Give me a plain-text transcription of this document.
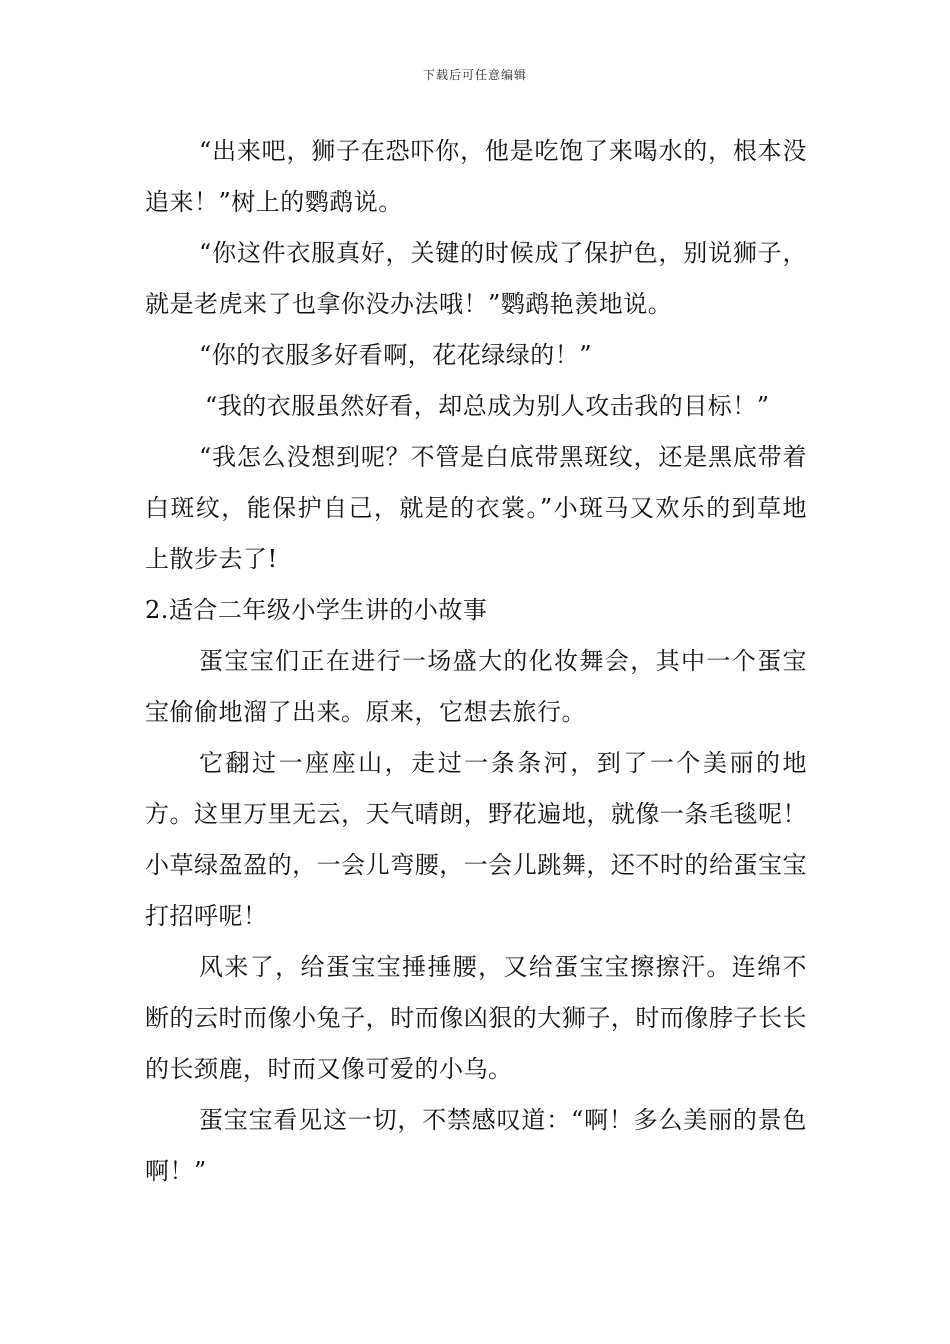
下载后可任意编辑

“出来吧，狮子在恐吓你，他是吃饱了来喝水的，根本没追来！”树上的鹦鹉说。

“你这件衣服真好，关键的时候成了保护色，别说狮子，就是老虎来了也拿你没办法哦！”鹦鹉艳羡地说。

“你的衣服多好看啊，花花绿绿的！”

“我的衣服虽然好看，却总成为别人攻击我的目标！”

“我怎么没想到呢？不管是白底带黑斑纹，还是黑底带着白斑纹，能保护自己，就是的衣裳。”小斑马又欢乐的到草地上散步去了!

2.适合二年级小学生讲的小故事

蛋宝宝们正在进行一场盛大的化妆舞会，其中一个蛋宝宝偷偷地溜了出来。原来，它想去旅行。

它翻过一座座山，走过一条条河，到了一个美丽的地方。这里万里无云，天气晴朗，野花遍地，就像一条毛毯呢！小草绿盈盈的，一会儿弯腰，一会儿跳舞，还不时的给蛋宝宝打招呼呢！

风来了，给蛋宝宝捶捶腰，又给蛋宝宝擦擦汗。连绵不断的云时而像小兔子，时而像凶狠的大狮子，时而像脖子长长的长颈鹿，时而又像可爱的小乌。

蛋宝宝看见这一切，不禁感叹道：“啊！多么美丽的景色啊！”
